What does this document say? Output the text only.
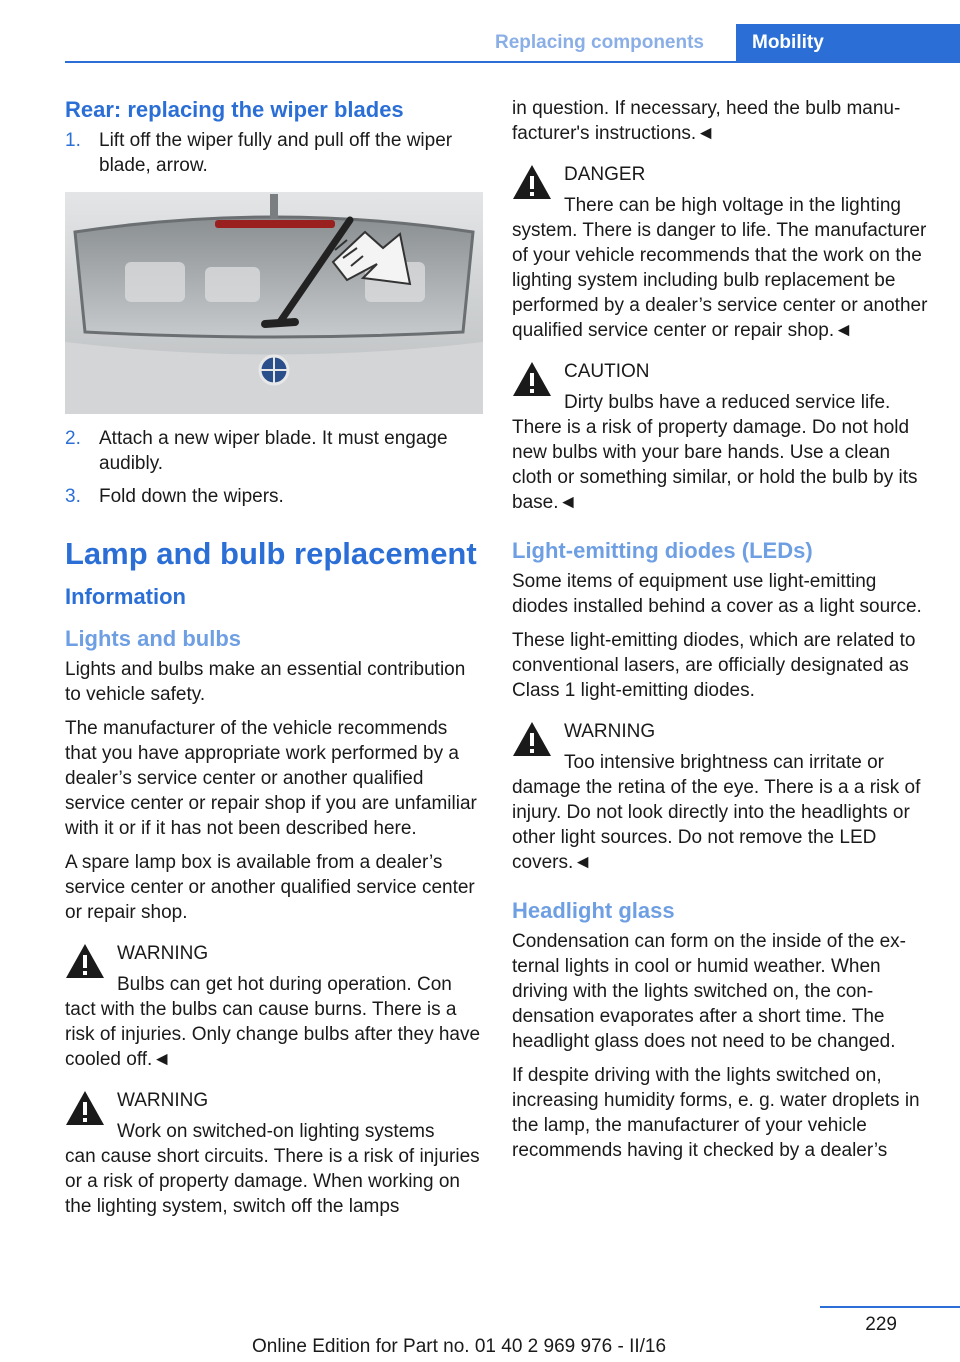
Replacing components	Mobility
Rear: replacing the wiper blades
1. Lift off the wiper fully and pull off the wiper blade, arrow.
2. Attach a new wiper blade. It must engage audibly.
3. Fold down the wipers.
Lamp and bulb replacement
Information
Lights and bulbs

Lights and bulbs make an essential contribution to vehicle safety.

The manufacturer of the vehicle recommends that you have appropriate work performed by a dealer’s service center or another qualified service center or repair shop if you are unfamiliar with it or if it has not been described here.

A spare lamp box is available from a dealer’s service center or another qualified service center or repair shop.

WARNING
Bulbs can get hot during operation. Con
tact with the bulbs can cause burns. There is a risk of injuries. Only change bulbs after they have cooled off.◄
WARNING
Work on switched-on lighting systems
can cause short circuits. There is a risk of injuries or a risk of property damage. When working on the lighting system, switch off the lamps

in question. If necessary, heed the bulb manufacturer's instructions.◄

DANGER
There can be high voltage in the lighting
system. There is danger to life. The manufacturer of your vehicle recommends that the work on the lighting system including bulb replacement be performed by a dealer’s service center or another qualified service center or repair shop.◄
CAUTION
Dirty bulbs have a reduced service life.
There is a risk of property damage. Do not hold new bulbs with your bare hands. Use a clean cloth or something similar, or hold the bulb by its base.◄
Light-emitting diodes (LEDs)

Some items of equipment use light-emitting diodes installed behind a cover as a light source.

These light-emitting diodes, which are related to conventional lasers, are officially designated as Class 1 light-emitting diodes.

WARNING
Too intensive brightness can irritate or
damage the retina of the eye. There is a a risk of injury. Do not look directly into the headlights or other light sources. Do not remove the LED covers.◄
Headlight glass

Condensation can form on the inside of the external lights in cool or humid weather. When driving with the lights switched on, the condensation evaporates after a short time. The headlight glass does not need to be changed.

If despite driving with the lights switched on, increasing humidity forms, e. g. water droplets in the lamp, the manufacturer of your vehicle recommends having it checked by a dealer’s

229
Online Edition for Part no. 01 40 2 969 976 - II/16
